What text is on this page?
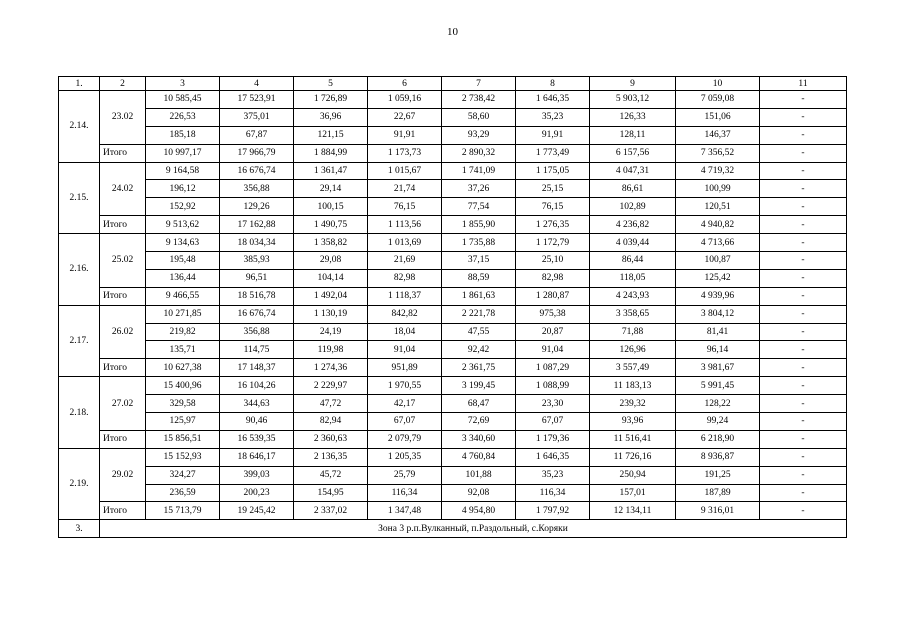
10
1.	2	3	4	5	6	7	8	9	10	11
2.14.	23.02	10 585,45	17 523,91	1 726,89	1 059,16	2 738,42	1 646,35	5 903,12	7 059,08	-
		226,53	375,01	36,96	22,67	58,60	35,23	126,33	151,06	-
		185,18	67,87	121,15	91,91	93,29	91,91	128,11	146,37	-
	Итого	10 997,17	17 966,79	1 884,99	1 173,73	2 890,32	1 773,49	6 157,56	7 356,52	-
2.15.	24.02	9 164,58	16 676,74	1 361,47	1 015,67	1 741,09	1 175,05	4 047,31	4 719,32	-
		196,12	356,88	29,14	21,74	37,26	25,15	86,61	100,99	-
		152,92	129,26	100,15	76,15	77,54	76,15	102,89	120,51	-
	Итого	9 513,62	17 162,88	1 490,75	1 113,56	1 855,90	1 276,35	4 236,82	4 940,82	-
2.16.	25.02	9 134,63	18 034,34	1 358,82	1 013,69	1 735,88	1 172,79	4 039,44	4 713,66	-
		195,48	385,93	29,08	21,69	37,15	25,10	86,44	100,87	-
		136,44	96,51	104,14	82,98	88,59	82,98	118,05	125,42	-
	Итого	9 466,55	18 516,78	1 492,04	1 118,37	1 861,63	1 280,87	4 243,93	4 939,96	-
2.17.	26.02	10 271,85	16 676,74	1 130,19	842,82	2 221,78	975,38	3 358,65	3 804,12	-
		219,82	356,88	24,19	18,04	47,55	20,87	71,88	81,41	-
		135,71	114,75	119,98	91,04	92,42	91,04	126,96	96,14	-
	Итого	10 627,38	17 148,37	1 274,36	951,89	2 361,75	1 087,29	3 557,49	3 981,67	-
2.18.	27.02	15 400,96	16 104,26	2 229,97	1 970,55	3 199,45	1 088,99	11 183,13	5 991,45	-
		329,58	344,63	47,72	42,17	68,47	23,30	239,32	128,22	-
		125,97	90,46	82,94	67,07	72,69	67,07	93,96	99,24	-
	Итого	15 856,51	16 539,35	2 360,63	2 079,79	3 340,60	1 179,36	11 516,41	6 218,90	-
2.19.	29.02	15 152,93	18 646,17	2 136,35	1 205,35	4 760,84	1 646,35	11 726,16	8 936,87	-
		324,27	399,03	45,72	25,79	101,88	35,23	250,94	191,25	-
		236,59	200,23	154,95	116,34	92,08	116,34	157,01	187,89	-
	Итого	15 713,79	19 245,42	2 337,02	1 347,48	4 954,80	1 797,92	12 134,11	9 316,01	-
3.	Зона 3 р.п.Вулканный, п.Раздольный, с.Коряки									
